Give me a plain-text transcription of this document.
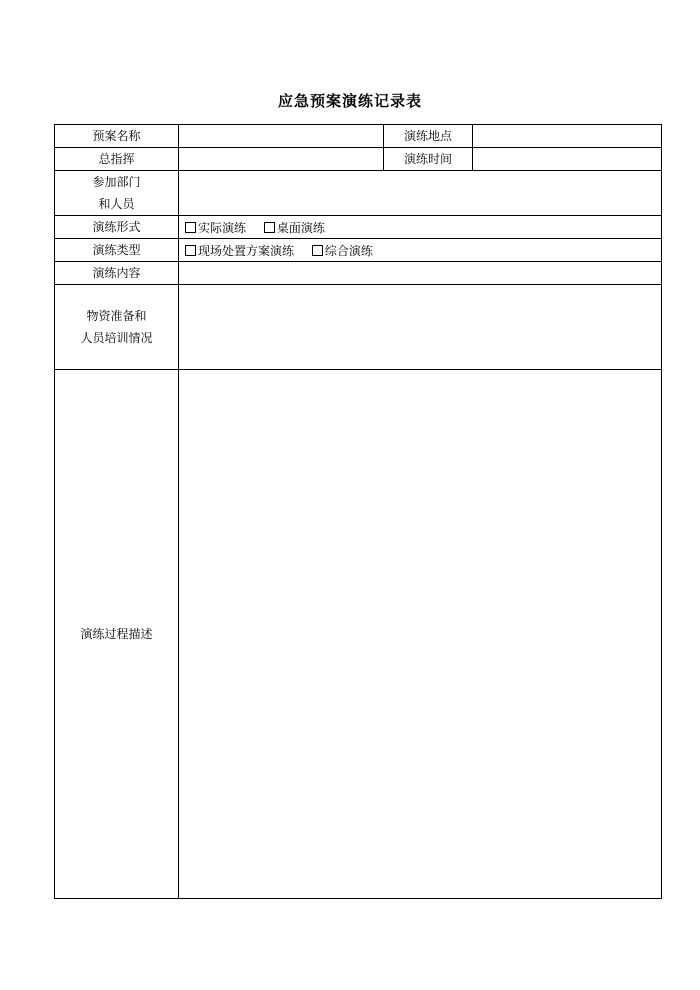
应急预案演练记录表
预案名称		演练地点	
总指挥		演练时间	

参加部门
和人员			

演练形式	实际演练 桌面演练		
演练类型	现场处置方案演练 综合演练		
演练内容			

物资准备和
人员培训情况			

演练过程描述			
